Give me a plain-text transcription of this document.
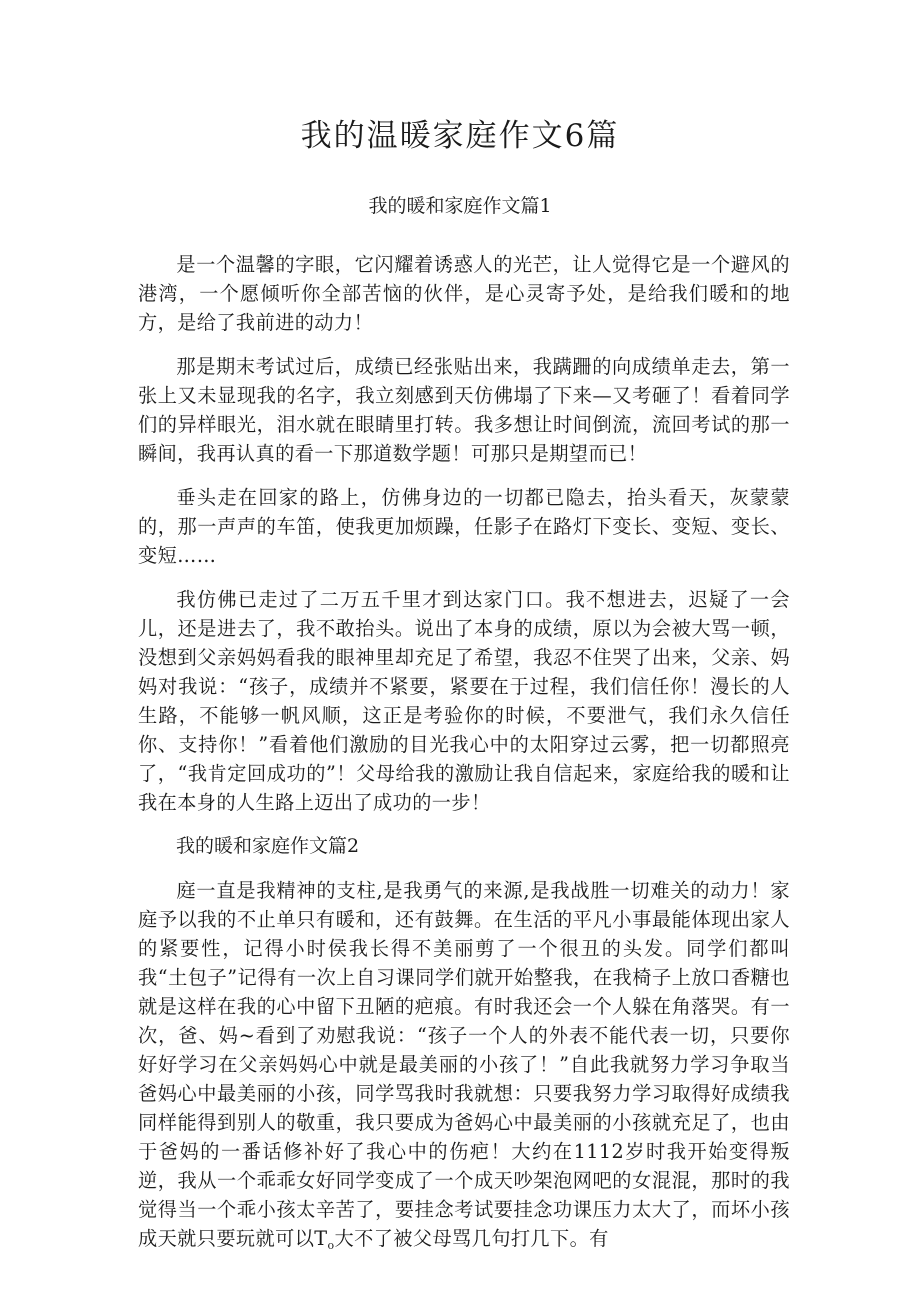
我的温暖家庭作文6篇
我的暖和家庭作文篇1

是一个温馨的字眼，它闪耀着诱惑人的光芒，让人觉得它是一个避风的港湾，一个愿倾听你全部苦恼的伙伴，是心灵寄予处，是给我们暖和的地方，是给了我前进的动力！

那是期末考试过后，成绩已经张贴出来，我蹒跚的向成绩单走去，第一张上又未显现我的名字，我立刻感到天仿佛塌了下来—又考砸了！看着同学们的异样眼光，泪水就在眼睛里打转。我多想让时间倒流，流回考试的那一瞬间，我再认真的看一下那道数学题！可那只是期望而已！

垂头走在回家的路上，仿佛身边的一切都已隐去，抬头看天，灰蒙蒙的，那一声声的车笛，使我更加烦躁，任影子在路灯下变长、变短、变长、变短……

我仿佛已走过了二万五千里才到达家门口。我不想进去，迟疑了一会儿，还是进去了，我不敢抬头。说出了本身的成绩，原以为会被大骂一顿，没想到父亲妈妈看我的眼神里却充足了希望，我忍不住哭了出来，父亲、妈妈对我说：“孩子，成绩并不紧要，紧要在于过程，我们信任你！漫长的人生路，不能够一帆风顺，这正是考验你的时候，不要泄气，我们永久信任你、支持你！”看着他们激励的目光我心中的太阳穿过云雾，把一切都照亮了，“我肯定回成功的”！父母给我的激励让我自信起来，家庭给我的暖和让我在本身的人生路上迈出了成功的一步！

我的暖和家庭作文篇2

庭一直是我精神的支柱,是我勇气的来源,是我战胜一切难关的动力！家庭予以我的不止单只有暖和，还有鼓舞。在生活的平凡小事最能体现出家人的紧要性，记得小时侯我长得不美丽剪了一个很丑的头发。同学们都叫我“土包子”记得有一次上自习课同学们就开始整我，在我椅子上放口香糖也就是这样在我的心中留下丑陋的疤痕。有时我还会一个人躲在角落哭。有一次，爸、妈~看到了劝慰我说：“孩子一个人的外表不能代表一切，只要你好好学习在父亲妈妈心中就是最美丽的小孩了！”自此我就努力学习争取当爸妈心中最美丽的小孩，同学骂我时我就想：只要我努力学习取得好成绩我同样能得到别人的敬重，我只要成为爸妈心中最美丽的小孩就充足了，也由于爸妈的一番话修补好了我心中的伤疤！大约在1112岁时我开始变得叛逆，我从一个乖乖女好同学变成了一个成天吵架泡网吧的女混混，那时的我觉得当一个乖小孩太辛苦了，要挂念考试要挂念功课压力太大了，而坏小孩成天就只要玩就可以$T_o$大不了被父母骂几句打几下。有
